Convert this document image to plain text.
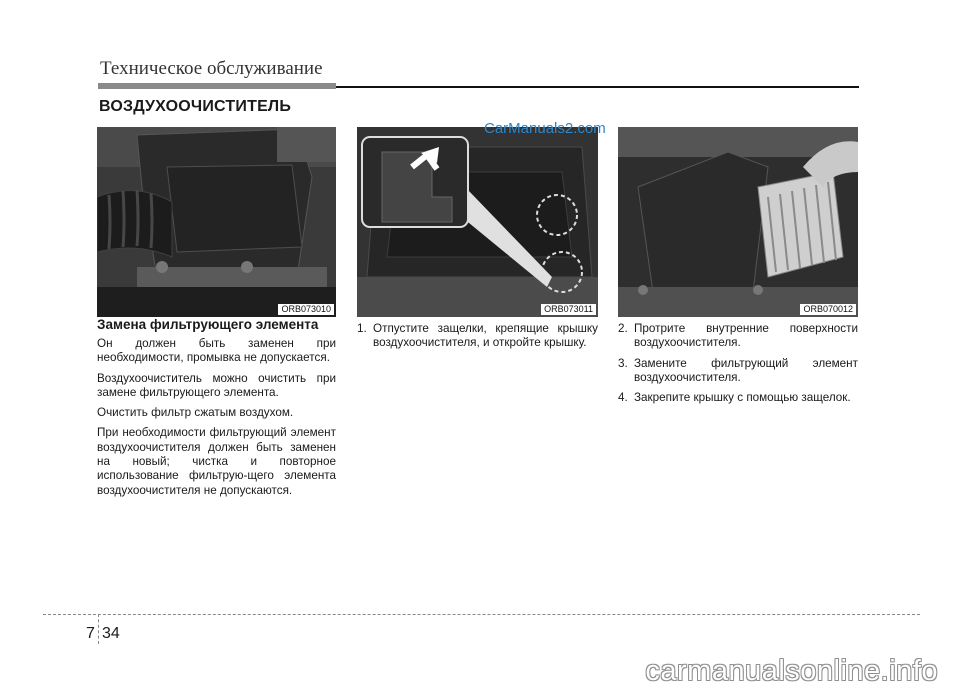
Техническое обслуживание
ВОЗДУХООЧИСТИТЕЛЬ
ORB073010	ORB073011	ORB070012
CarManuals2.com
Замена фильтрующего элемента

Он должен быть заменен при необходимости, промывка не допускается.

Воздухоочиститель можно очистить при замене фильтрующего элемента.

Очистить фильтр сжатым воздухом.

При необходимости фильтрующий элемент воздухоочистителя должен быть заменен на новый; чистка и повторное использование фильтрую-щего элемента воздухоочистителя не допускаются.

1. Отпустите защелки, крепящие крышку воздухоочистителя, и откройте крышку.
2. Протрите внутренние поверхности воздухоочистителя.
3. Замените фильтрующий элемент воздухоочистителя.
4. Закрепите крышку с помощью защелок.
7 34
carmanualsonline.info
